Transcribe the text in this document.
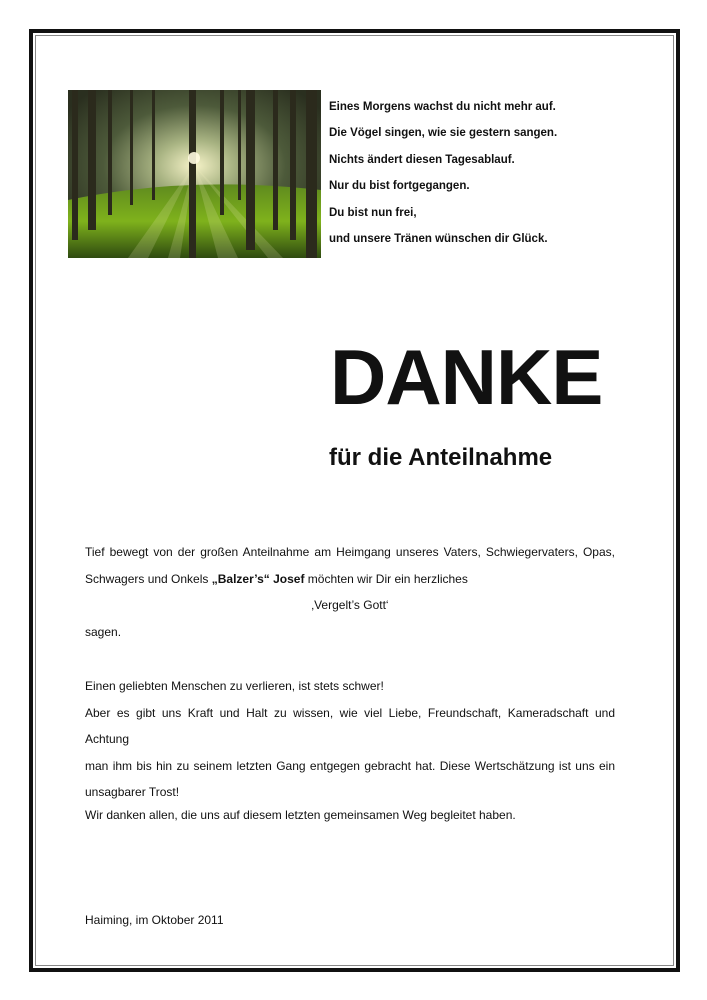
Eines Morgens wachst du nicht mehr auf.
Die Vögel singen, wie sie gestern sangen.
Nichts ändert diesen Tagesablauf.
Nur du bist fortgegangen.
Du bist nun frei,
und unsere Tränen wünschen dir Glück.
DANKE
für die Anteilnahme
Tief bewegt von der großen Anteilnahme am Heimgang unseres Vaters, Schwiegervaters, Opas,
Schwagers und Onkels „Balzer’s“ Josef möchten wir Dir ein herzliches
‚Vergelt’s Gott‘
sagen.
Einen geliebten Menschen zu verlieren, ist stets schwer!
Aber es gibt uns Kraft und Halt zu wissen, wie viel Liebe, Freundschaft, Kameradschaft und Achtung
man ihm bis hin zu seinem letzten Gang entgegen gebracht hat. Diese Wertschätzung ist uns ein
unsagbarer Trost!
Wir danken allen, die uns auf diesem letzten gemeinsamen Weg begleitet haben.
Haiming, im Oktober 2011
